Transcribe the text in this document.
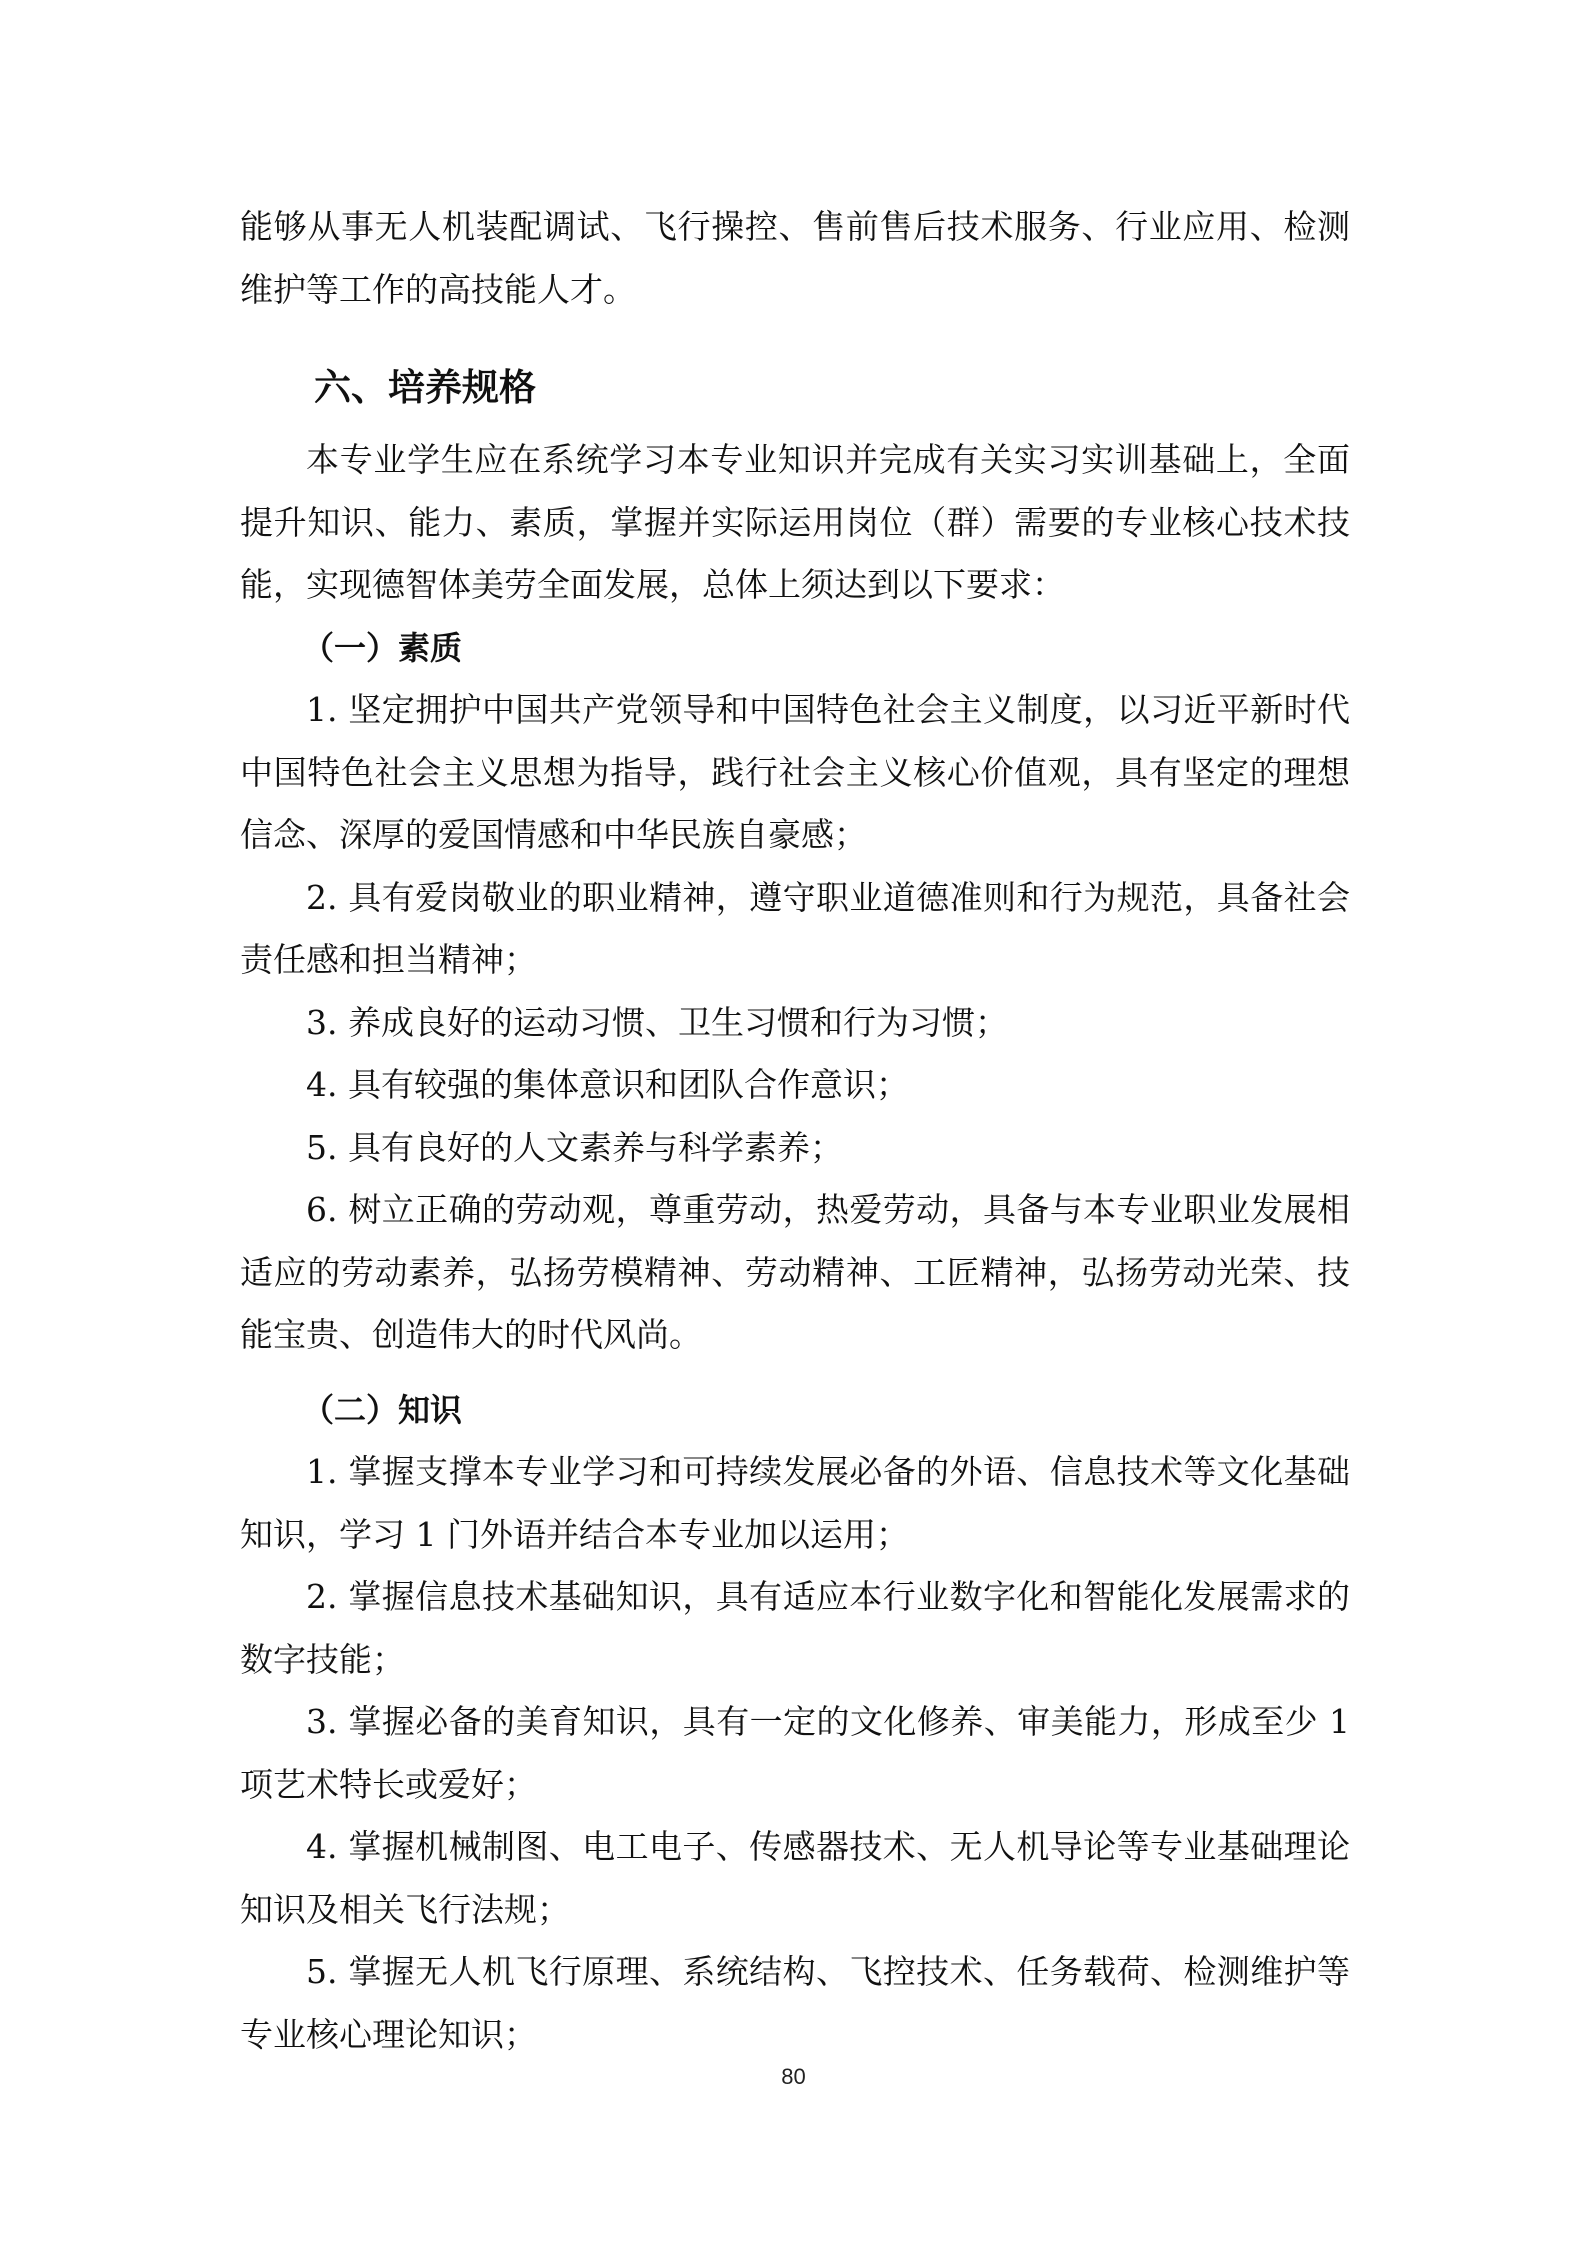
能够从事无人机装配调试、飞行操控、售前售后技术服务、行业应用、检测维护等工作的高技能人才。

六、培养规格

本专业学生应在系统学习本专业知识并完成有关实习实训基础上，全面提升知识、能力、素质，掌握并实际运用岗位（群）需要的专业核心技术技能，实现德智体美劳全面发展，总体上须达到以下要求：

（一）素质

1. 坚定拥护中国共产党领导和中国特色社会主义制度，以习近平新时代中国特色社会主义思想为指导，践行社会主义核心价值观，具有坚定的理想信念、深厚的爱国情感和中华民族自豪感；

2. 具有爱岗敬业的职业精神，遵守职业道德准则和行为规范，具备社会责任感和担当精神；

3. 养成良好的运动习惯、卫生习惯和行为习惯；

4. 具有较强的集体意识和团队合作意识；

5. 具有良好的人文素养与科学素养；

6. 树立正确的劳动观，尊重劳动，热爱劳动，具备与本专业职业发展相适应的劳动素养，弘扬劳模精神、劳动精神、工匠精神，弘扬劳动光荣、技能宝贵、创造伟大的时代风尚。

（二）知识

1. 掌握支撑本专业学习和可持续发展必备的外语、信息技术等文化基础知识，学习 1 门外语并结合本专业加以运用；

2. 掌握信息技术基础知识，具有适应本行业数字化和智能化发展需求的数字技能；

3. 掌握必备的美育知识，具有一定的文化修养、审美能力，形成至少 1 项艺术特长或爱好；

4. 掌握机械制图、电工电子、传感器技术、无人机导论等专业基础理论知识及相关飞行法规；

5. 掌握无人机飞行原理、系统结构、飞控技术、任务载荷、检测维护等专业核心理论知识；

80
